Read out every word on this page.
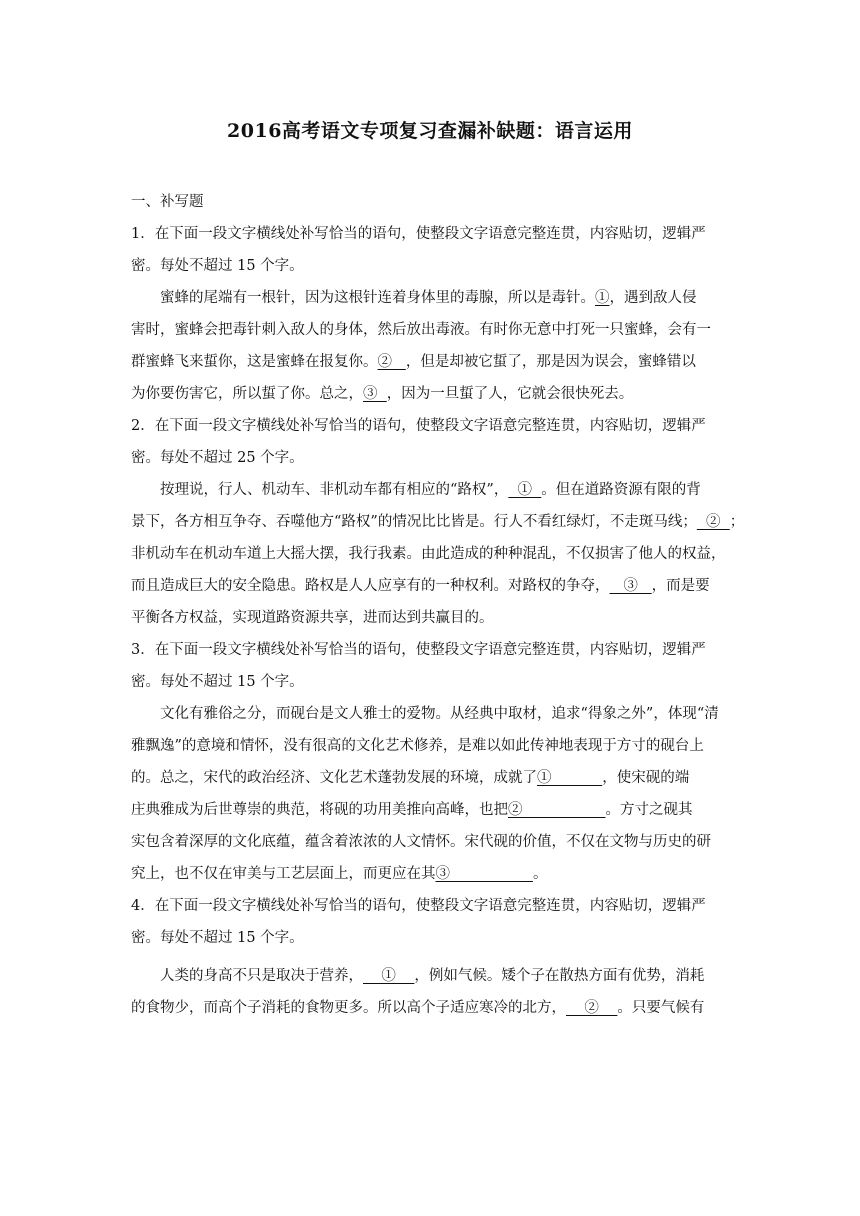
2016高考语文专项复习查漏补缺题：语言运用
一、补写题
1．在下面一段文字横线处补写恰当的语句，使整段文字语意完整连贯，内容贴切，逻辑严
密。每处不超过 15 个字。
蜜蜂的尾端有一根针，因为这根针连着身体里的毒腺，所以是毒针。①，遇到敌人侵
害时，蜜蜂会把毒针刺入敌人的身体，然后放出毒液。有时你无意中打死一只蜜蜂，会有一
群蜜蜂飞来蜇你，这是蜜蜂在报复你。②   ，但是却被它蜇了，那是因为误会，蜜蜂错以
为你要伤害它，所以蜇了你。总之，③  ，因为一旦蜇了人，它就会很快死去。
2．在下面一段文字横线处补写恰当的语句，使整段文字语意完整连贯，内容贴切，逻辑严
密。每处不超过 25 个字。
按理说，行人、机动车、非机动车都有相应的“路权”，  ①  。但在道路资源有限的背
景下，各方相互争夺、吞噬他方“路权”的情况比比皆是。行人不看红绿灯，不走斑马线；  ②  ；
非机动车在机动车道上大摇大摆，我行我素。由此造成的种种混乱，不仅损害了他人的权益，
而且造成巨大的安全隐患。路权是人人应享有的一种权利。对路权的争夺，   ③   ，而是要
平衡各方权益，实现道路资源共享，进而达到共赢目的。
3．在下面一段文字横线处补写恰当的语句，使整段文字语意完整连贯，内容贴切，逻辑严
密。每处不超过 15 个字。
文化有雅俗之分，而砚台是文人雅士的爱物。从经典中取材，追求“得象之外”，体现“清
雅飘逸”的意境和情怀，没有很高的文化艺术修养，是难以如此传神地表现于方寸的砚台上
的。总之，宋代的政治经济、文化艺术蓬勃发展的环境，成就了①           ，使宋砚的端
庄典雅成为后世尊崇的典范，将砚的功用美推向高峰，也把②                  。方寸之砚其
实包含着深厚的文化底蕴，蕴含着浓浓的人文情怀。宋代砚的价值，不仅在文物与历史的研
究上，也不仅在审美与工艺层面上，而更应在其③                  。
4．在下面一段文字横线处补写恰当的语句，使整段文字语意完整连贯，内容贴切，逻辑严
密。每处不超过 15 个字。
人类的身高不只是取决于营养，    ①    ，例如气候。矮个子在散热方面有优势，消耗
的食物少，而高个子消耗的食物更多。所以高个子适应寒冷的北方，    ②    。只要气候有
